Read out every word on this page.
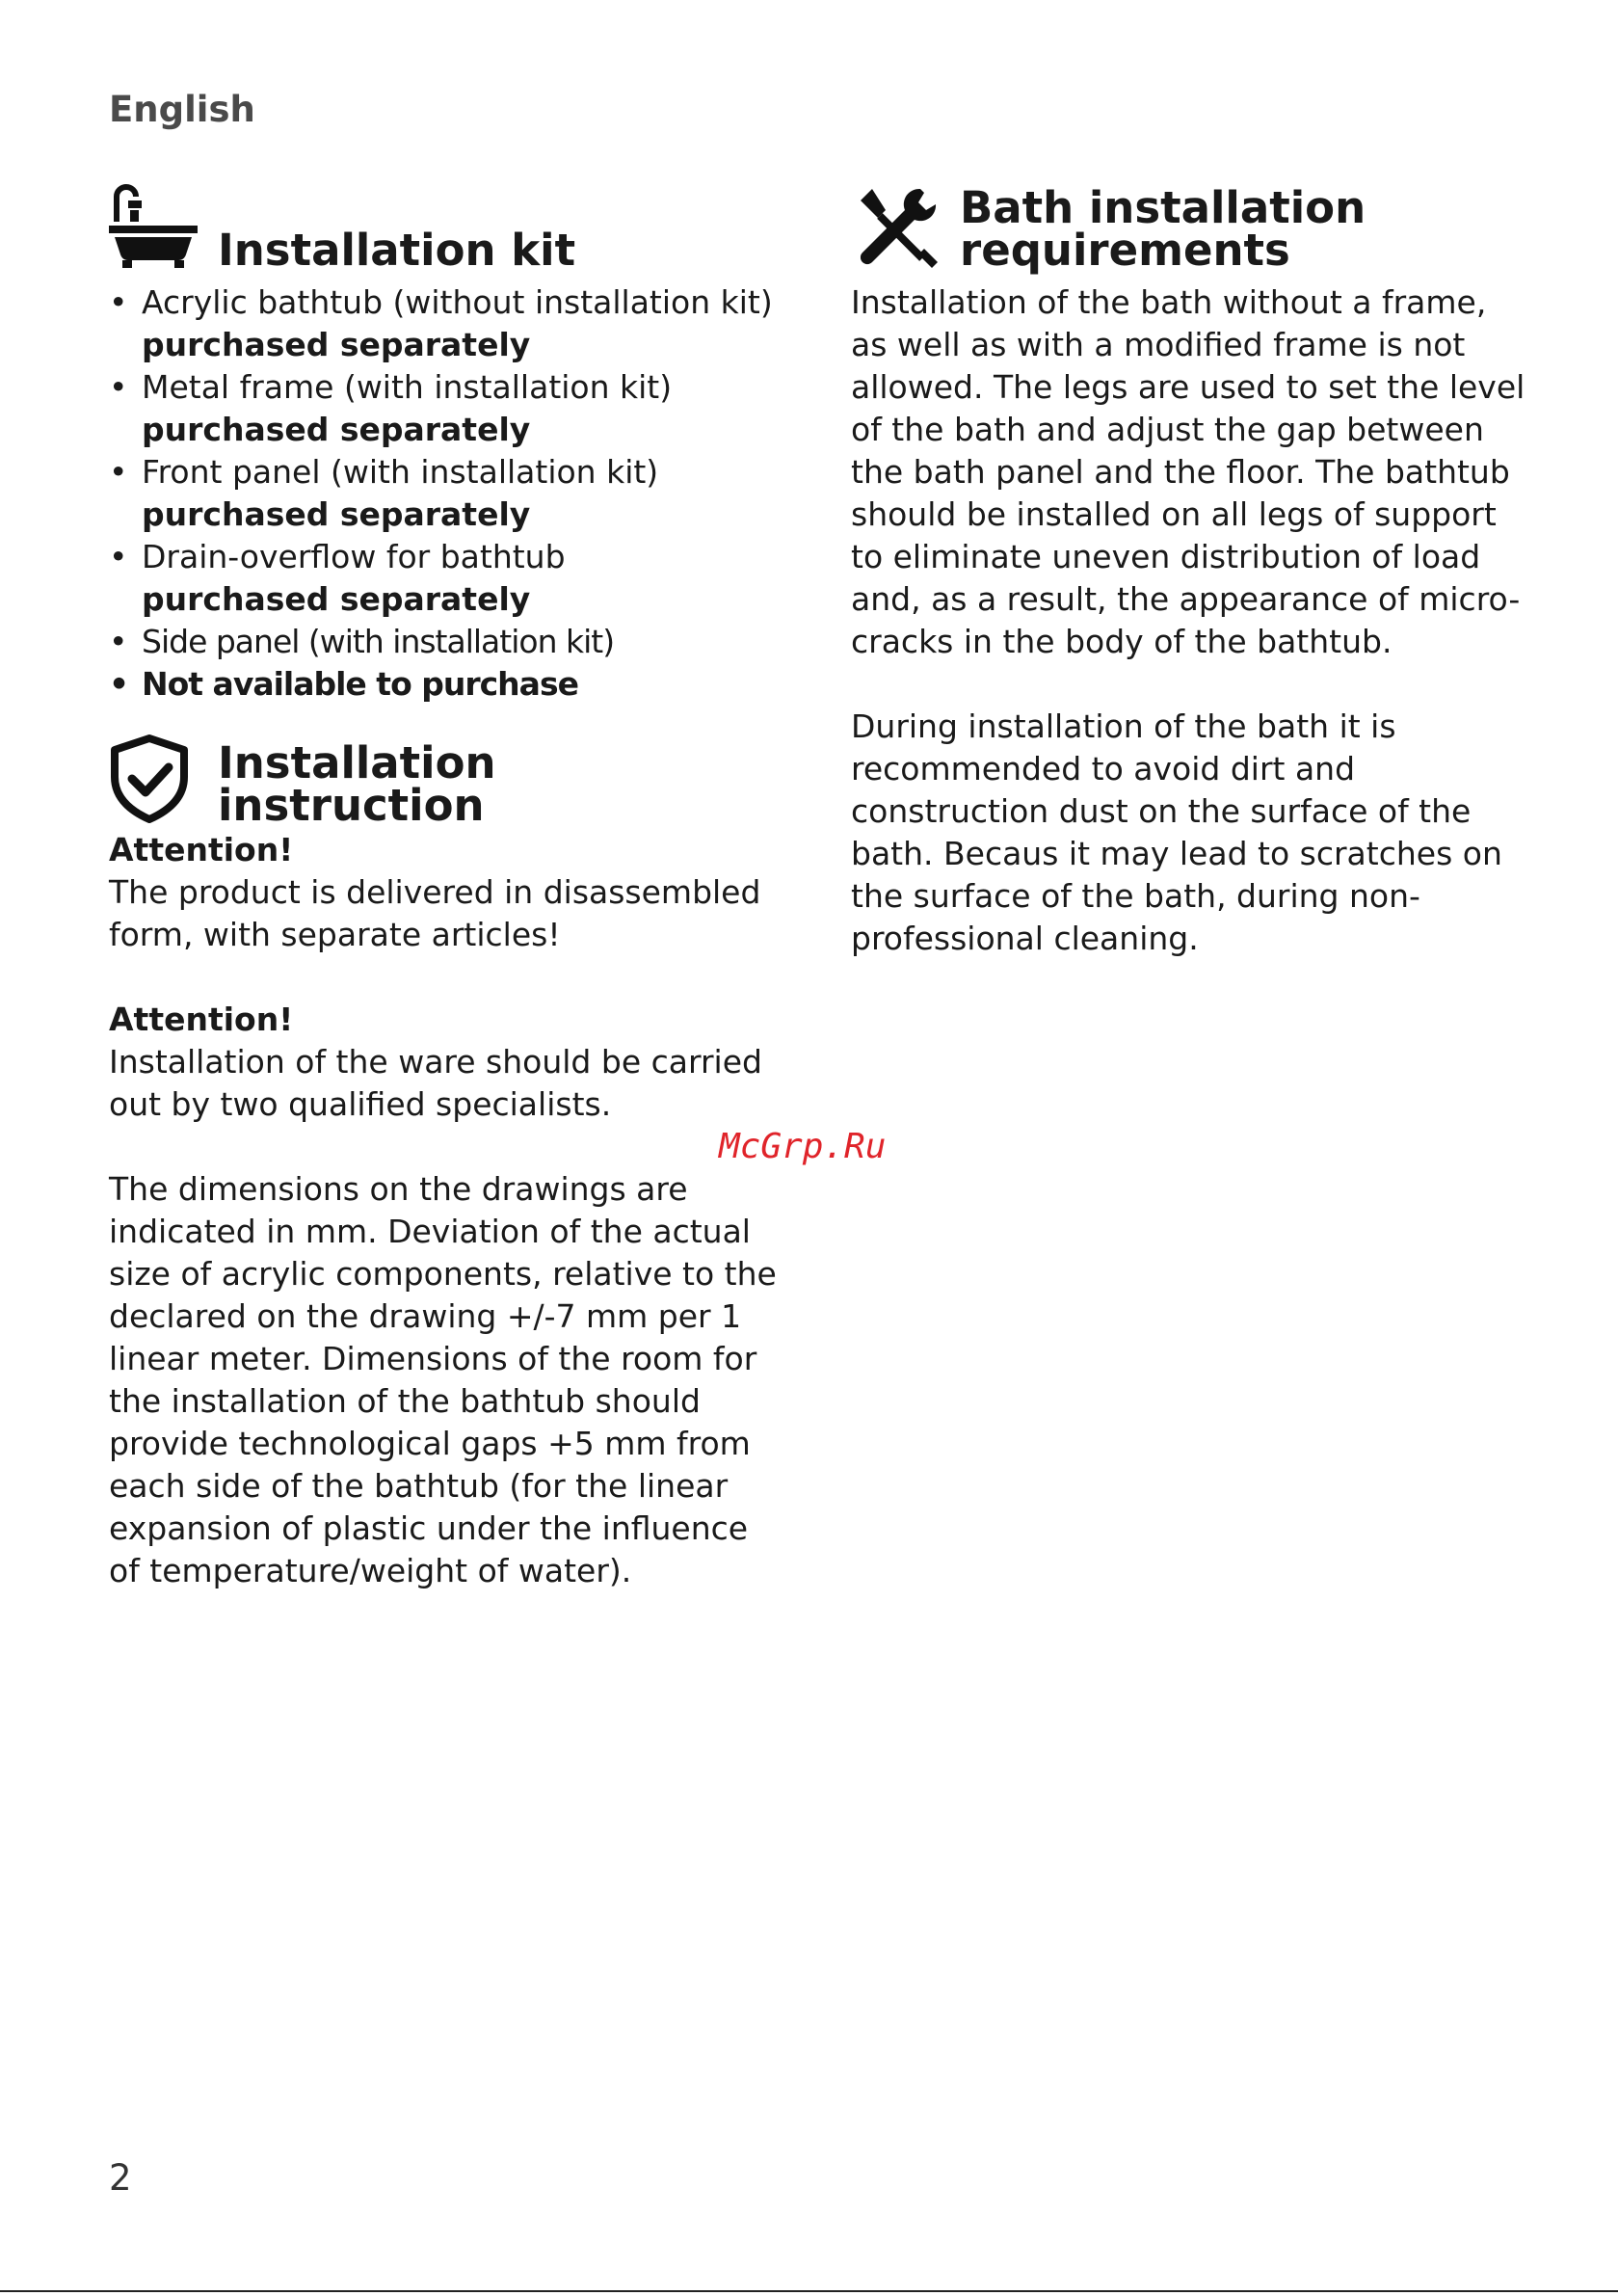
English
Installation kit
• Acrylic bathtub (without installation kit)
purchased separately
• Metal frame (with installation kit)
purchased separately
• Front panel (with installation kit)
purchased separately
• Drain-overflow for bathtub
purchased separately
• Side panel (with installation kit)
• Not available to purchase
Installation
instruction

Attention!

The product is delivered in disassembled form, with separate articles!

Attention!

Installation of the ware should be carried out by two qualified specialists.

The dimensions on the drawings are indicated in mm. Deviation of the actual size of acrylic components, relative to the declared on the drawing +/-7 mm per 1 linear meter. Dimensions of the room for the installation of the bathtub should provide technological gaps +5 mm from each side of the bathtub (for the linear expansion of plastic under the influence of temperature/weight of water).

Bath installation
requirements

Installation of the bath without a frame, as well as with a modified frame is not allowed. The legs are used to set the level of the bath and adjust the gap between the bath panel and the floor. The bathtub should be installed on all legs of support to eliminate uneven distribution of load and, as a result, the appearance of micro-cracks in the body of the bathtub.

During installation of the bath it is recommended to avoid dirt and construction dust on the surface of the bath. Becaus it may lead to scratches on the surface of the bath, during non-professional cleaning.

McGrp.Ru
2
